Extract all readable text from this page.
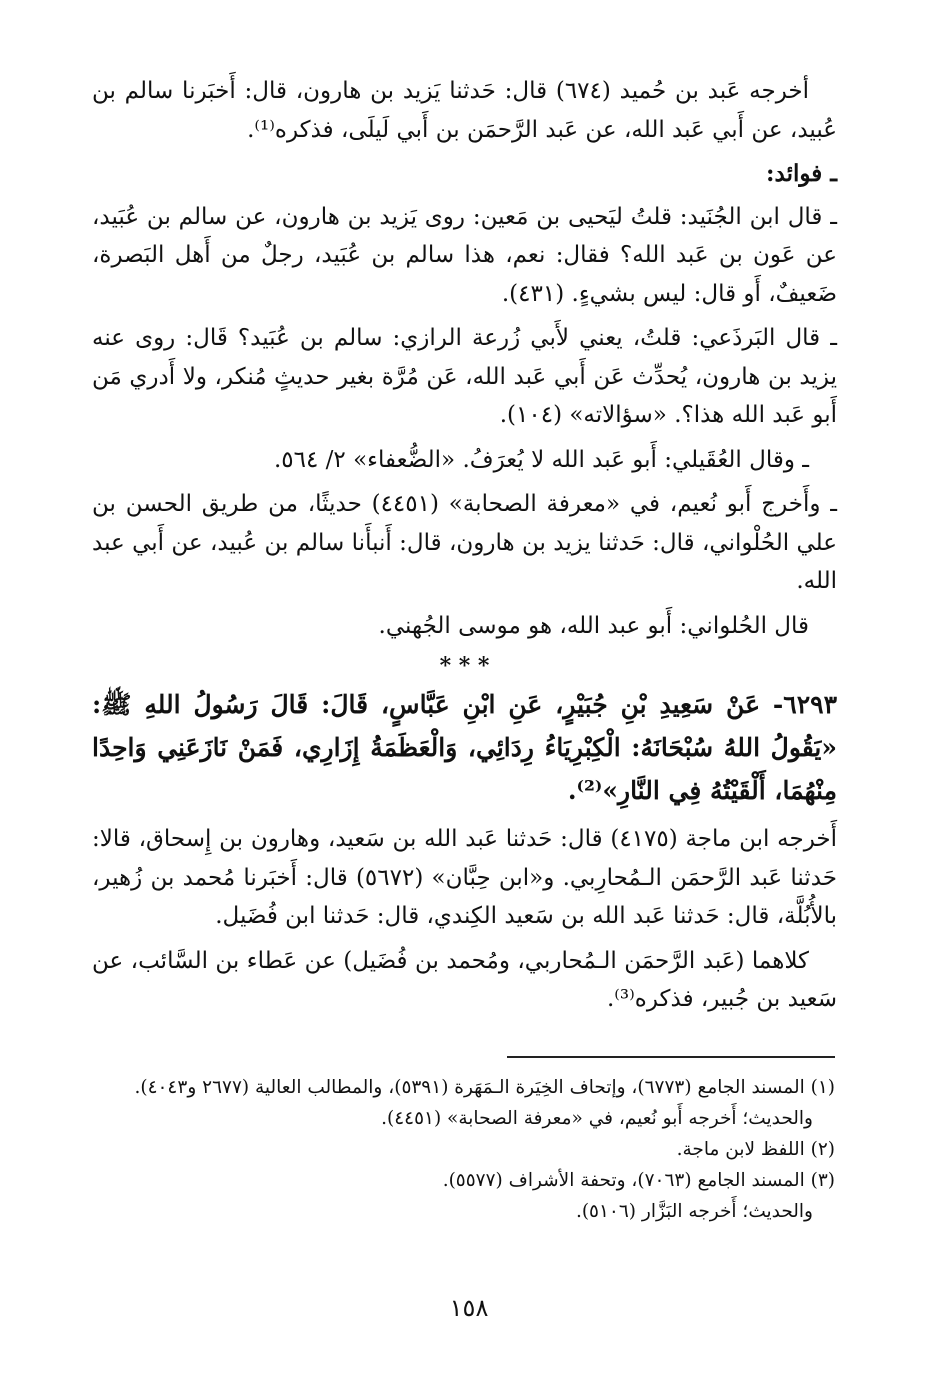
أخرجه عَبد بن حُميد (٦٧٤) قال: حَدثنا يَزيد بن هارون، قال: أَخبَرنا سالم بن عُبيد، عن أَبي عَبد الله، عن عَبد الرَّحمَن بن أَبي لَيلَى، فذكره⁽¹⁾.

ـ فوائد:

ـ قال ابن الجُنَيد: قلتُ ليَحيى بن مَعين: روى يَزيد بن هارون، عن سالم بن عُبَيد، عن عَون بن عَبد الله؟ فقال: نعم، هذا سالم بن عُبَيد، رجلٌ من أَهل البَصرة، ضَعيفٌ، أَو قال: ليس بشيءٍ. (٤٣١).

ـ قال البَرذَعي: قلتُ، يعني لأَبي زُرعة الرازي: سالم بن عُبَيد؟ قَال: روى عنه يزيد بن هارون، يُحدِّث عَن أَبي عَبد الله، عَن مُرَّة بغير حديثٍ مُنكر، ولا أَدري مَن أَبو عَبد الله هذا؟. «سؤالاته» (١٠٤).

ـ وقال العُقَيلي: أَبو عَبد الله لا يُعرَفُ. «الضُّعفاء» ٢/ ٥٦٤.

ـ وأَخرج أَبو نُعيم، في «معرفة الصحابة» (٤٤٥١) حديثًا، من طريق الحسن بن علي الحُلْواني، قال: حَدثنا يزيد بن هارون، قال: أَنبأَنا سالم بن عُبيد، عن أَبي عبد الله.

قال الحُلواني: أَبو عبد الله، هو موسى الجُهني.

* * *

٦٢٩٣- عَنْ سَعِيدِ بْنِ جُبَيْرٍ، عَنِ ابْنِ عَبَّاسٍ، قَالَ: قَالَ رَسُولُ اللهِ ﷺ: «يَقُولُ اللهُ سُبْحَانَهُ: الْكِبْرِيَاءُ رِدَائِي، وَالْعَظَمَةُ إِزَارِي، فَمَنْ نَازَعَنِي وَاحِدًا مِنْهُمَا، أَلْقَيْتُهُ فِي النَّارِ»⁽²⁾.

أَخرجه ابن ماجة (٤١٧٥) قال: حَدثنا عَبد الله بن سَعيد، وهارون بن إِسحاق، قالا: حَدثنا عَبد الرَّحمَن الـمُحارِبي. و«ابن حِبَّان» (٥٦٧٢) قال: أَخبَرنا مُحمد بن زُهير، بالأُبُلَّة، قال: حَدثنا عَبد الله بن سَعيد الكِندي، قال: حَدثنا ابن فُضَيل.

كلاهما (عَبد الرَّحمَن الـمُحاربي، ومُحمد بن فُضَيل) عن عَطاء بن السَّائب، عن سَعيد بن جُبير، فذكره⁽³⁾.

(١) المسند الجامع (٦٧٧٣)، وإتحاف الخِيَرة الـمَهَرة (٥٣٩١)، والمطالب العالية (٢٦٧٧ و٤٠٤٣).
والحديث؛ أَخرجه أَبو نُعيم، في «معرفة الصحابة» (٤٤٥١).
(٢) اللفظ لابن ماجة.
(٣) المسند الجامع (٧٠٦٣)، وتحفة الأشراف (٥٥٧٧).
والحديث؛ أَخرجه البَزَّار (٥١٠٦).
١٥٨
